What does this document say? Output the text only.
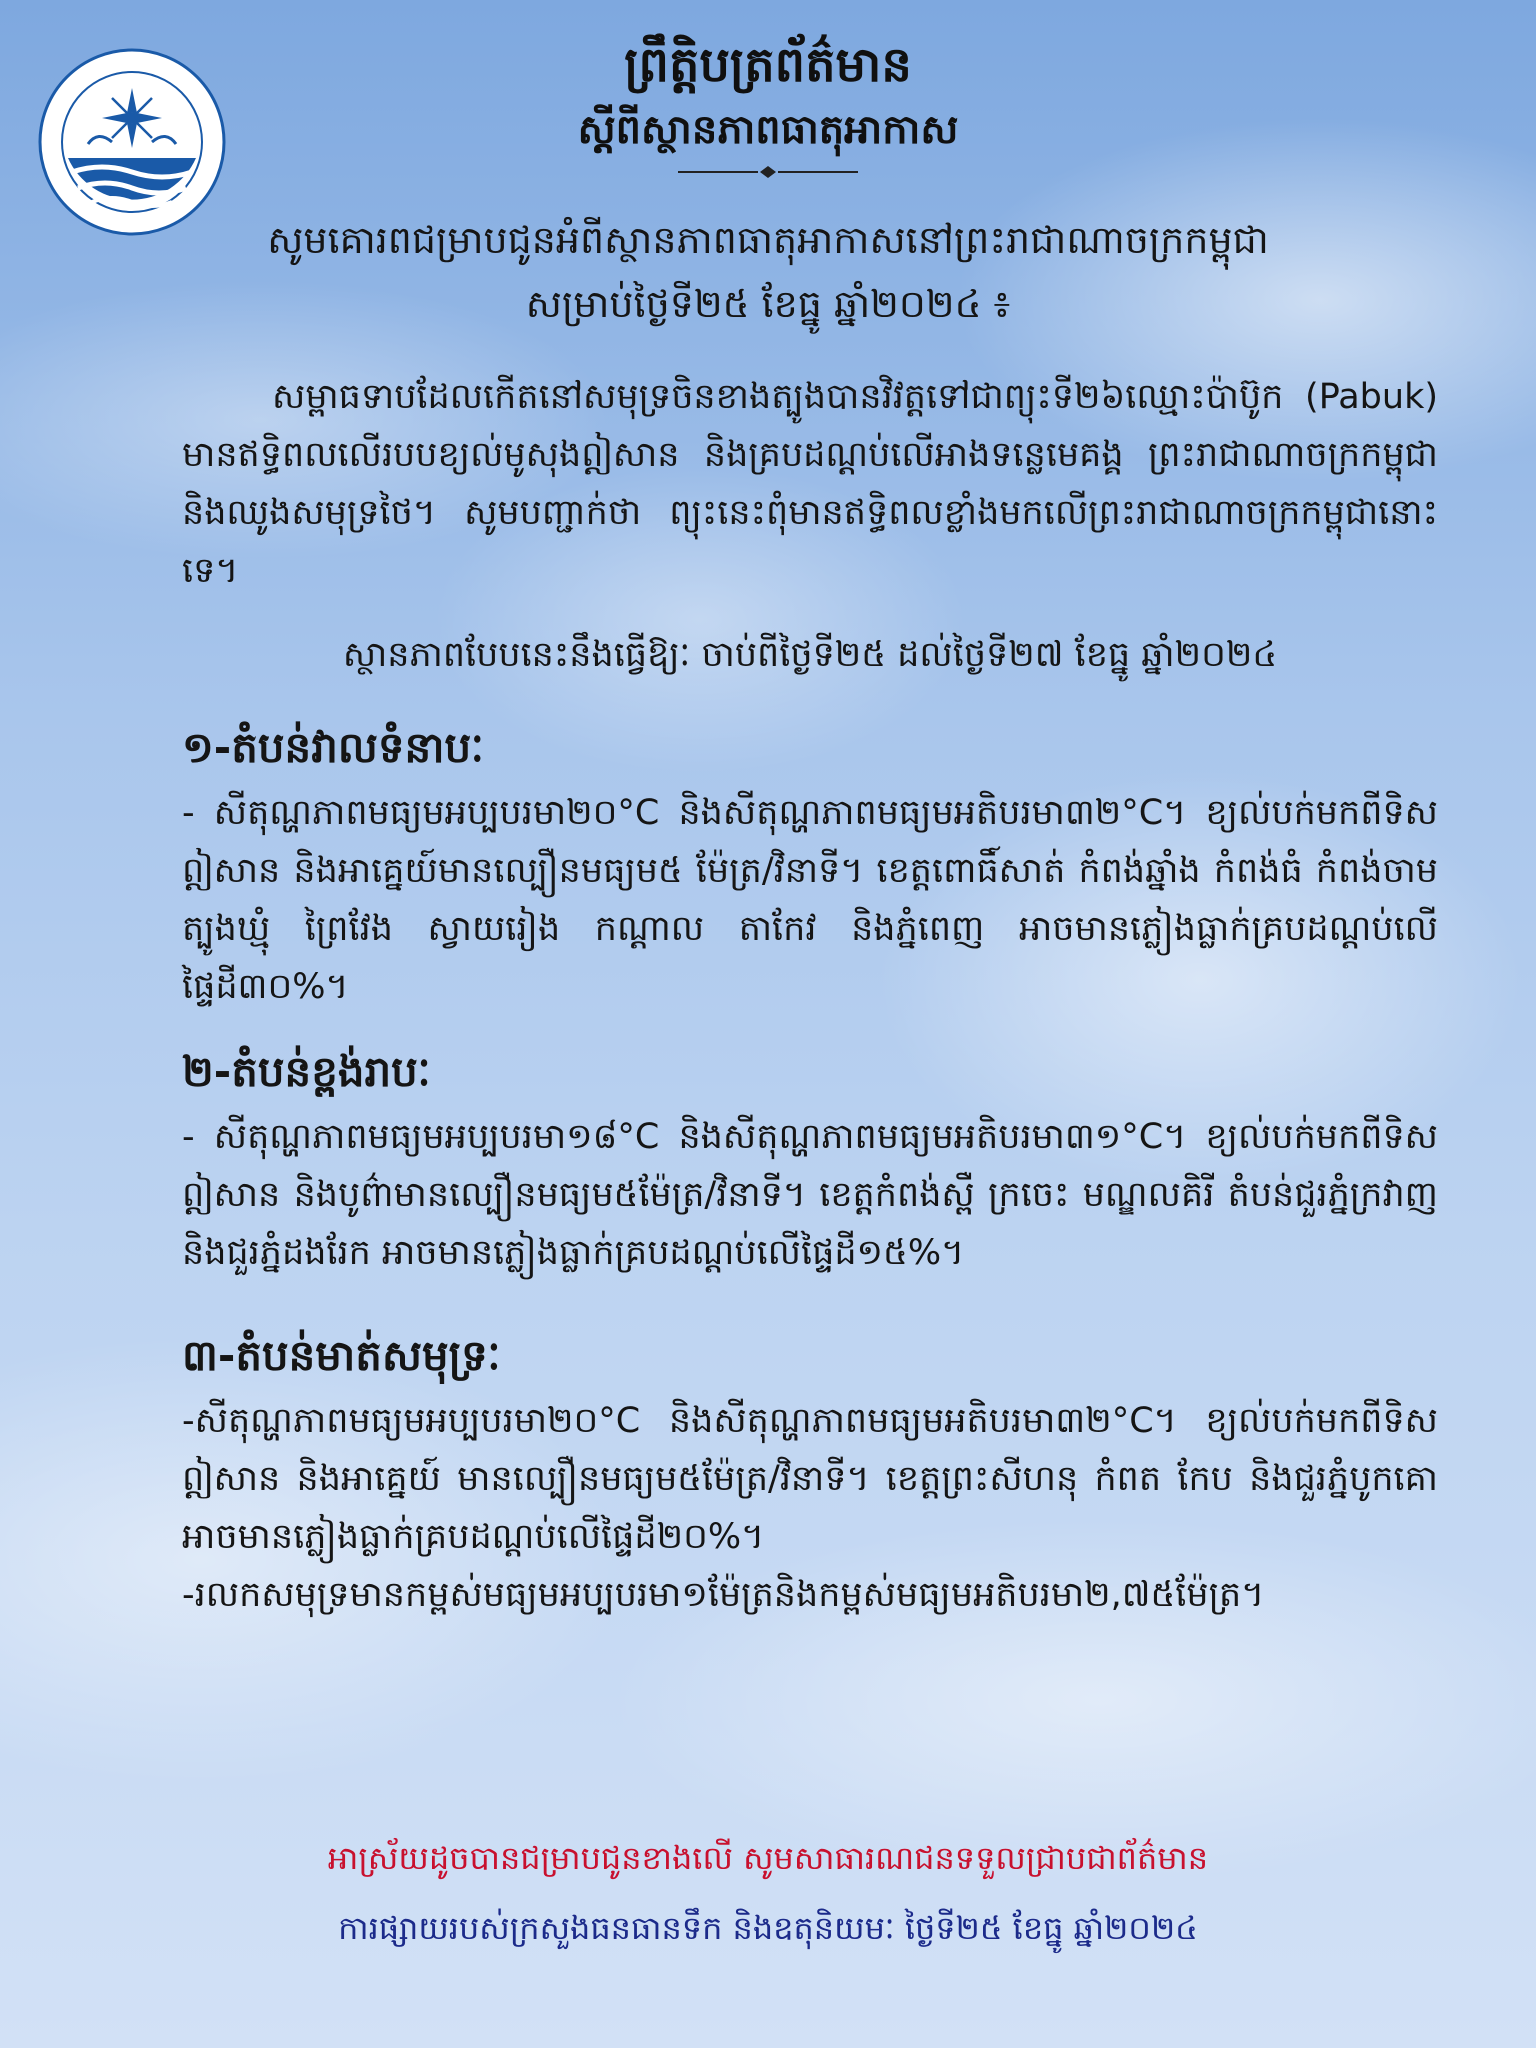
ព្រឹត្តិបត្រព័ត៌មាន

ស្តីពីស្ថានភាពធាតុអាកាស

សូមគោរពជម្រាបជូនអំពីស្ថានភាពធាតុអាកាសនៅព្រះរាជាណាចក្រកម្ពុជា

សម្រាប់ថ្ងៃទី២៥ ខែធ្នូ ឆ្នាំ២០២៤ ៖

សម្ពាធទាបដែលកើតនៅសមុទ្រចិនខាងត្បូងបានវិវត្តទៅជាព្យុះទី២៦ឈ្មោះប៉ាប៊ូក (Pabuk) មានឥទ្ធិពលលើរបបខ្យល់មូសុងឦសាន និងគ្របដណ្តប់លើអាងទន្លេមេគង្គ ព្រះរាជាណាចក្រកម្ពុជា និងឈូងសមុទ្រថៃ។ សូមបញ្ជាក់ថា ព្យុះនេះពុំមានឥទ្ធិពលខ្លាំងមកលើព្រះរាជាណាចក្រកម្ពុជានោះទេ។

ស្ថានភាពបែបនេះនឹងធ្វើឱ្យៈ ចាប់ពីថ្ងៃទី២៥ ដល់ថ្ងៃទី២៧ ខែធ្នូ ឆ្នាំ២០២៤

១-តំបន់វាលទំនាបៈ

- សីតុណ្ហភាពមធ្យមអប្បបរមា២០°C និងសីតុណ្ហភាពមធ្យមអតិបរមា៣២°C។ ខ្យល់បក់មកពីទិសឦសាន និងអាគ្នេយ៍មានល្បឿនមធ្យម៥ ម៉ែត្រ/វិនាទី។ ខេត្តពោធិ៍សាត់ កំពង់ឆ្នាំង កំពង់ធំ កំពង់ចាម ត្បូងឃ្មុំ ព្រៃវែង ស្វាយរៀង កណ្តាល តាកែវ និងភ្នំពេញ អាចមានភ្លៀងធ្លាក់គ្របដណ្តប់លើផ្ទៃដី៣០%។

២-តំបន់ខ្ពង់រាបៈ

- សីតុណ្ហភាពមធ្យមអប្បបរមា១៨°C និងសីតុណ្ហភាពមធ្យមអតិបរមា៣១°C។ ខ្យល់បក់មកពីទិសឦសាន និងបូព៌ាមានល្បឿនមធ្យម៥ម៉ែត្រ/វិនាទី។ ខេត្តកំពង់ស្ពឺ ក្រចេះ មណ្ឌលគិរី តំបន់ជួរភ្នំក្រវាញ និងជួរភ្នំដងរែក អាចមានភ្លៀងធ្លាក់គ្របដណ្តប់លើផ្ទៃដី១៥%។

៣-តំបន់មាត់សមុទ្រៈ

-សីតុណ្ហភាពមធ្យមអប្បបរមា២០°C និងសីតុណ្ហភាពមធ្យមអតិបរមា៣២°C។ ខ្យល់បក់មកពីទិសឦសាន និងអាគ្នេយ៍ មានល្បឿនមធ្យម៥ម៉ែត្រ/វិនាទី។ ខេត្តព្រះសីហនុ កំពត កែប និងជួរភ្នំបូកគោ អាចមានភ្លៀងធ្លាក់គ្របដណ្តប់លើផ្ទៃដី២០%។

-រលកសមុទ្រមានកម្ពស់មធ្យមអប្បបរមា១ម៉ែត្រនិងកម្ពស់មធ្យមអតិបរមា២,៧៥ម៉ែត្រ។

អាស្រ័យដូចបានជម្រាបជូនខាងលើ សូមសាធារណជនទទួលជ្រាបជាព័ត៌មាន

ការផ្សាយរបស់ក្រសួងធនធានទឹក និងឧតុនិយមៈ ថ្ងៃទី២៥ ខែធ្នូ ឆ្នាំ២០២៤
